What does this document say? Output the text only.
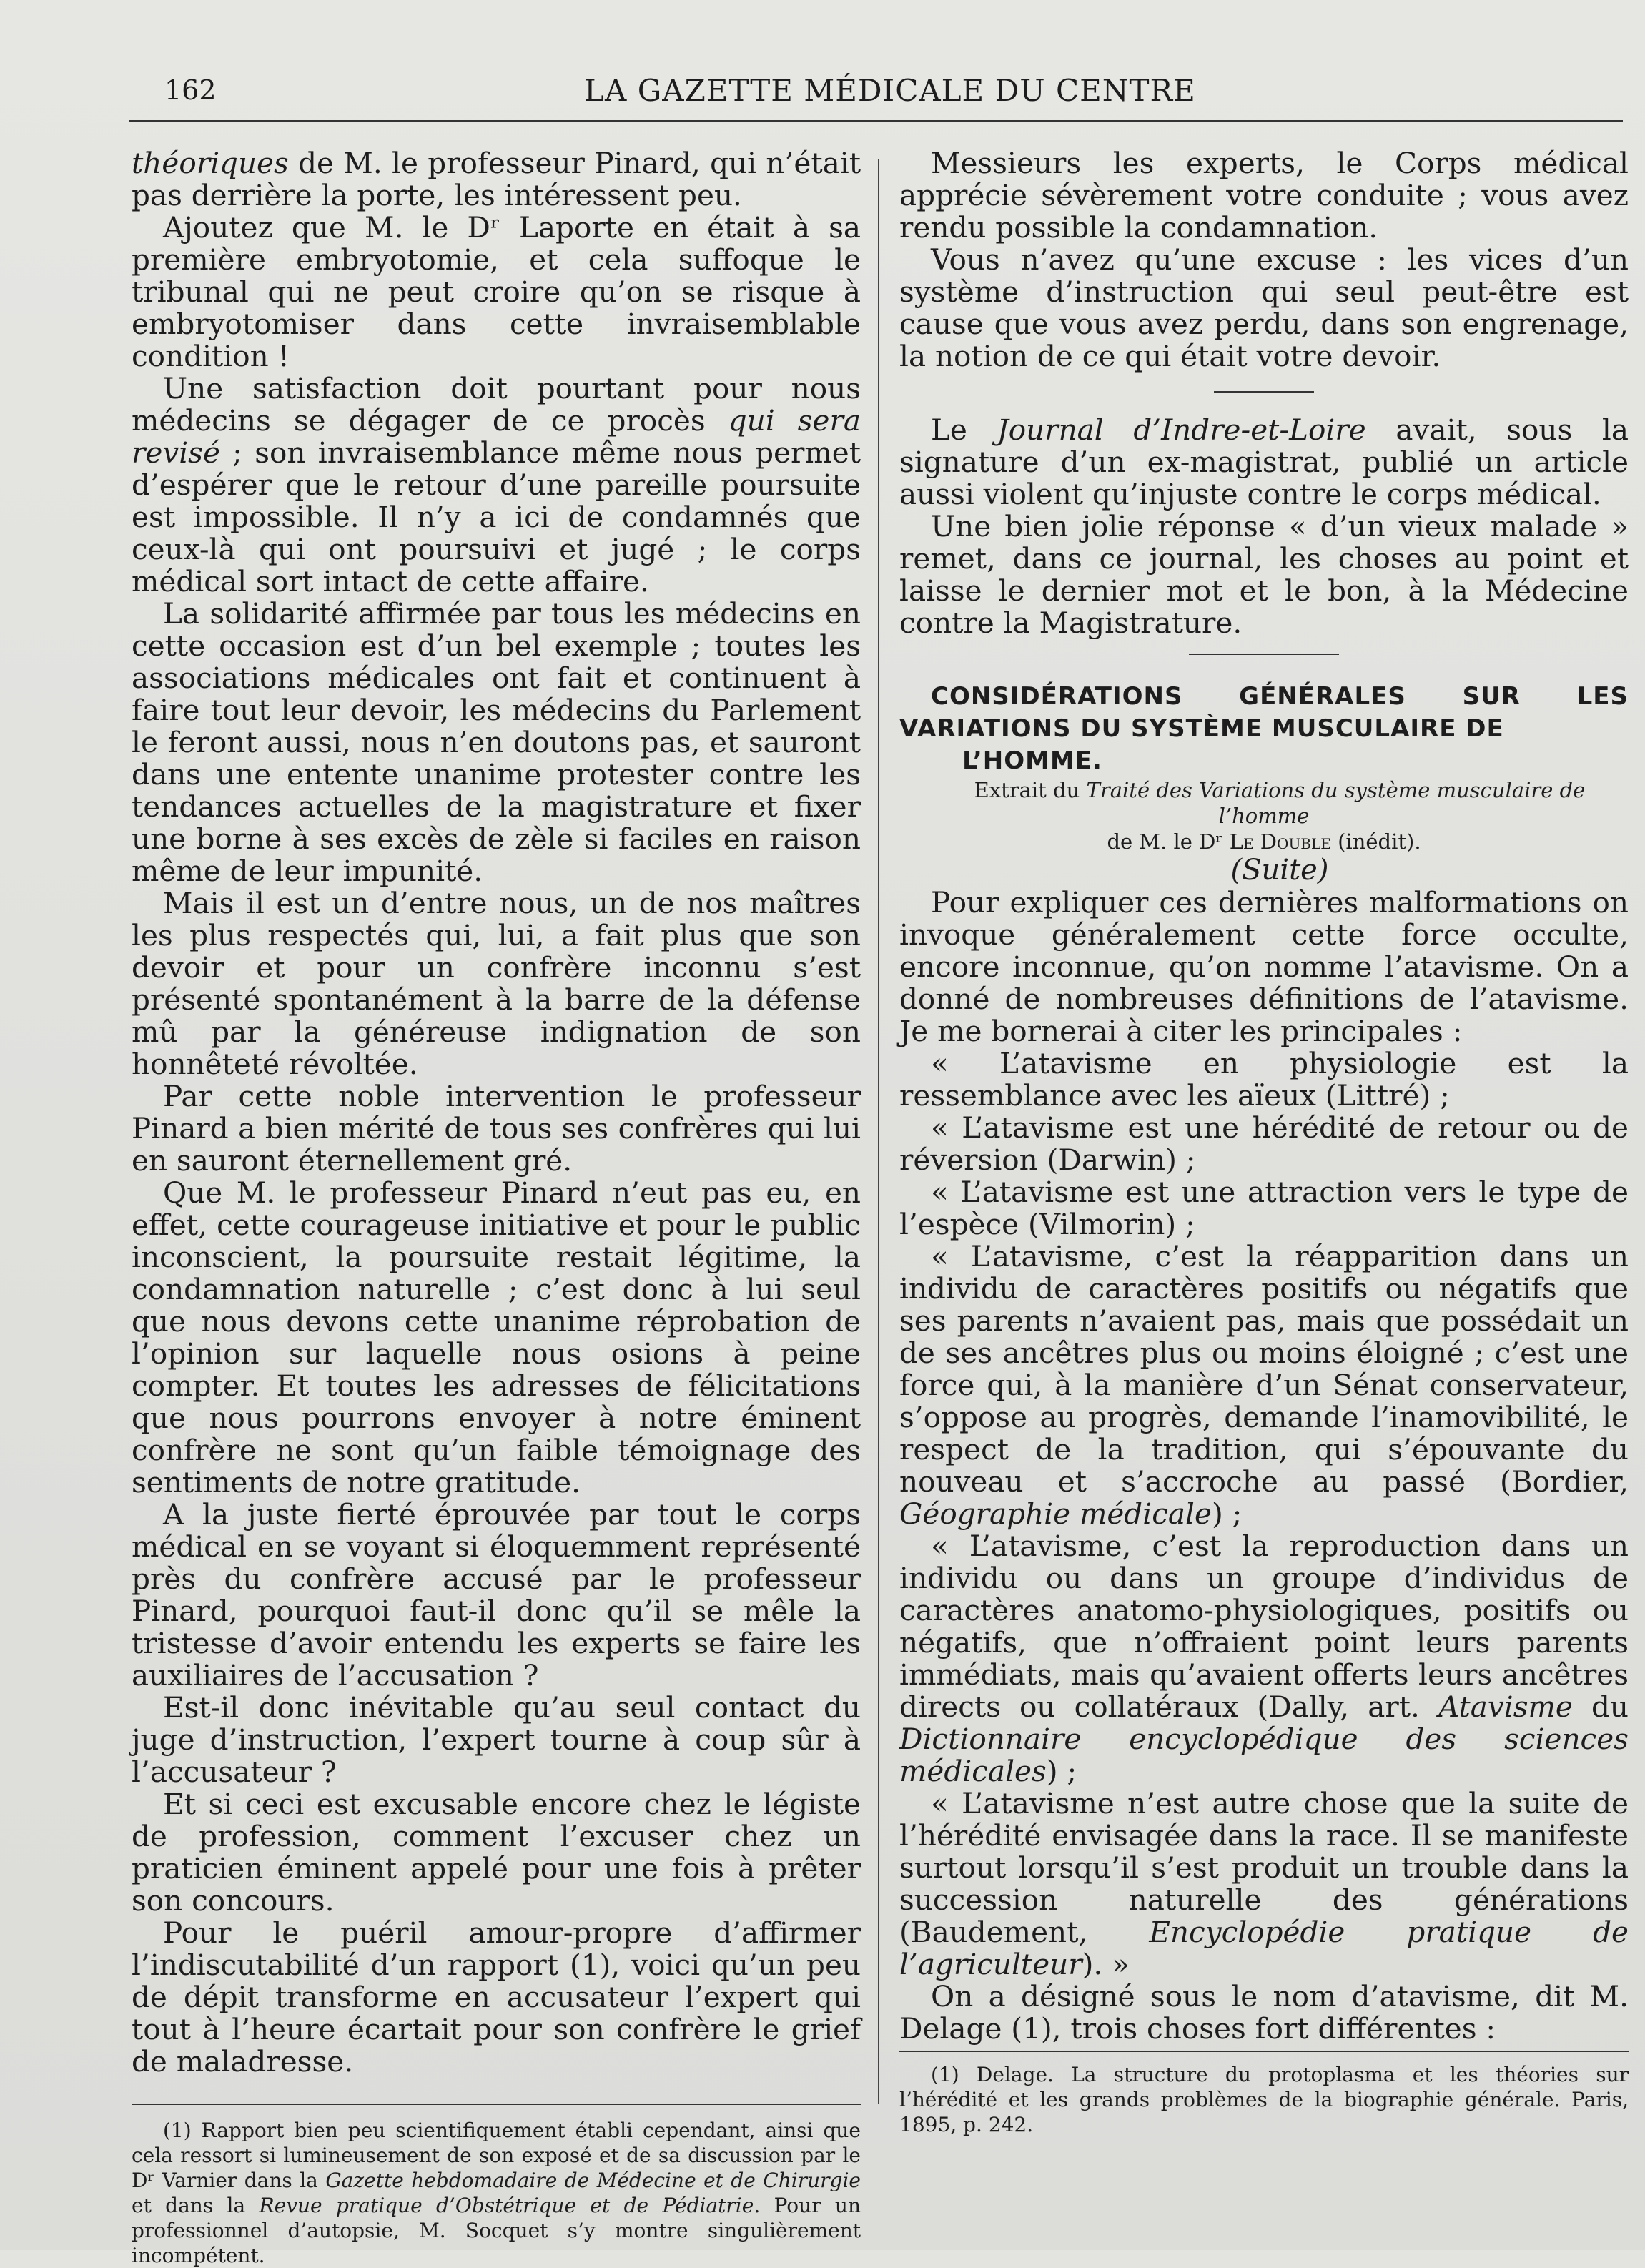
162	LA GAZETTE MÉDICALE DU CENTRE

théoriques de M. le professeur Pinard, qui n’était pas derrière la porte, les intéressent peu.

Ajoutez que M. le Dʳ Laporte en était à sa première embryotomie, et cela suffoque le tribunal qui ne peut croire qu’on se risque à embryotomiser dans cette invraisemblable condition !

Une satisfaction doit pourtant pour nous médecins se dégager de ce procès qui sera revisé ; son invraisemblance même nous permet d’espérer que le retour d’une pareille poursuite est impossible. Il n’y a ici de condamnés que ceux-là qui ont poursuivi et jugé ; le corps médical sort intact de cette affaire.

La solidarité affirmée par tous les médecins en cette occasion est d’un bel exemple ; toutes les associations médicales ont fait et continuent à faire tout leur devoir, les médecins du Parlement le feront aussi, nous n’en doutons pas, et sauront dans une entente unanime protester contre les tendances actuelles de la magistrature et fixer une borne à ses excès de zèle si faciles en raison même de leur impunité.

Mais il est un d’entre nous, un de nos maîtres les plus respectés qui, lui, a fait plus que son devoir et pour un confrère inconnu s’est présenté spontanément à la barre de la défense mû par la généreuse indignation de son honnêteté révoltée.

Par cette noble intervention le professeur Pinard a bien mérité de tous ses confrères qui lui en sauront éternellement gré.

Que M. le professeur Pinard n’eut pas eu, en effet, cette courageuse initiative et pour le public inconscient, la poursuite restait légitime, la condamnation naturelle ; c’est donc à lui seul que nous devons cette unanime réprobation de l’opinion sur laquelle nous osions à peine compter. Et toutes les adresses de félicitations que nous pourrons envoyer à notre éminent confrère ne sont qu’un faible témoignage des sentiments de notre gratitude.

A la juste fierté éprouvée par tout le corps médical en se voyant si éloquemment représenté près du confrère accusé par le professeur Pinard, pourquoi faut-il donc qu’il se mêle la tristesse d’avoir entendu les experts se faire les auxiliaires de l’accusation ?

Est-il donc inévitable qu’au seul contact du juge d’instruction, l’expert tourne à coup sûr à l’accusateur ?

Et si ceci est excusable encore chez le légiste de profession, comment l’excuser chez un praticien éminent appelé pour une fois à prêter son concours.

Pour le puéril amour-propre d’affirmer l’indiscutabilité d’un rapport (1), voici qu’un peu de dépit transforme en accusateur l’expert qui tout à l’heure écartait pour son confrère le grief de maladresse.

(1) Rapport bien peu scientifiquement établi cependant, ainsi que cela ressort si lumineusement de son exposé et de sa discussion par le Dʳ Varnier dans la Gazette hebdomadaire de Médecine et de Chirurgie et dans la Revue pratique d’Obstétrique et de Pédiatrie. Pour un professionnel d’autopsie, M. Socquet s’y montre singulièrement incompétent.

Messieurs les experts, le Corps médical apprécie sévèrement votre conduite ; vous avez rendu possible la condamnation.

Vous n’avez qu’une excuse : les vices d’un système d’instruction qui seul peut-être est cause que vous avez perdu, dans son engrenage, la notion de ce qui était votre devoir.

Le Journal d’Indre-et-Loire avait, sous la signature d’un ex-magistrat, publié un article aussi violent qu’injuste contre le corps médical.

Une bien jolie réponse « d’un vieux malade » remet, dans ce journal, les choses au point et laisse le dernier mot et le bon, à la Médecine contre la Magistrature.

CONSIDÉRATIONS GÉNÉRALES SUR LES VARIATIONS DU SYSTÈME MUSCULAIRE DE
L’HOMME.

Extrait du Traité des Variations du système musculaire de l’homme
de M. le Dʳ Le Double (inédit).

(Suite)

Pour expliquer ces dernières malformations on invoque généralement cette force occulte, encore inconnue, qu’on nomme l’atavisme. On a donné de nombreuses définitions de l’atavisme. Je me bornerai à citer les principales :

« L’atavisme en physiologie est la ressemblance avec les aïeux (Littré) ;

« L’atavisme est une hérédité de retour ou de réversion (Darwin) ;

« L’atavisme est une attraction vers le type de l’espèce (Vilmorin) ;

« L’atavisme, c’est la réapparition dans un individu de caractères positifs ou négatifs que ses parents n’avaient pas, mais que possédait un de ses ancêtres plus ou moins éloigné ; c’est une force qui, à la manière d’un Sénat conservateur, s’oppose au progrès, demande l’inamovibilité, le respect de la tradition, qui s’épouvante du nouveau et s’accroche au passé (Bordier, Géographie médicale) ;

« L’atavisme, c’est la reproduction dans un individu ou dans un groupe d’individus de caractères anatomo-physiologiques, positifs ou négatifs, que n’offraient point leurs parents immédiats, mais qu’avaient offerts leurs ancêtres directs ou collatéraux (Dally, art. Atavisme du Dictionnaire encyclopédique des sciences médicales) ;

« L’atavisme n’est autre chose que la suite de l’hérédité envisagée dans la race. Il se manifeste surtout lorsqu’il s’est produit un trouble dans la succession naturelle des générations (Baudement, Encyclopédie pratique de l’agriculteur). »

On a désigné sous le nom d’atavisme, dit M. Delage (1), trois choses fort différentes :

(1) Delage. La structure du protoplasma et les théories sur l’hérédité et les grands problèmes de la biographie générale. Paris, 1895, p. 242.
